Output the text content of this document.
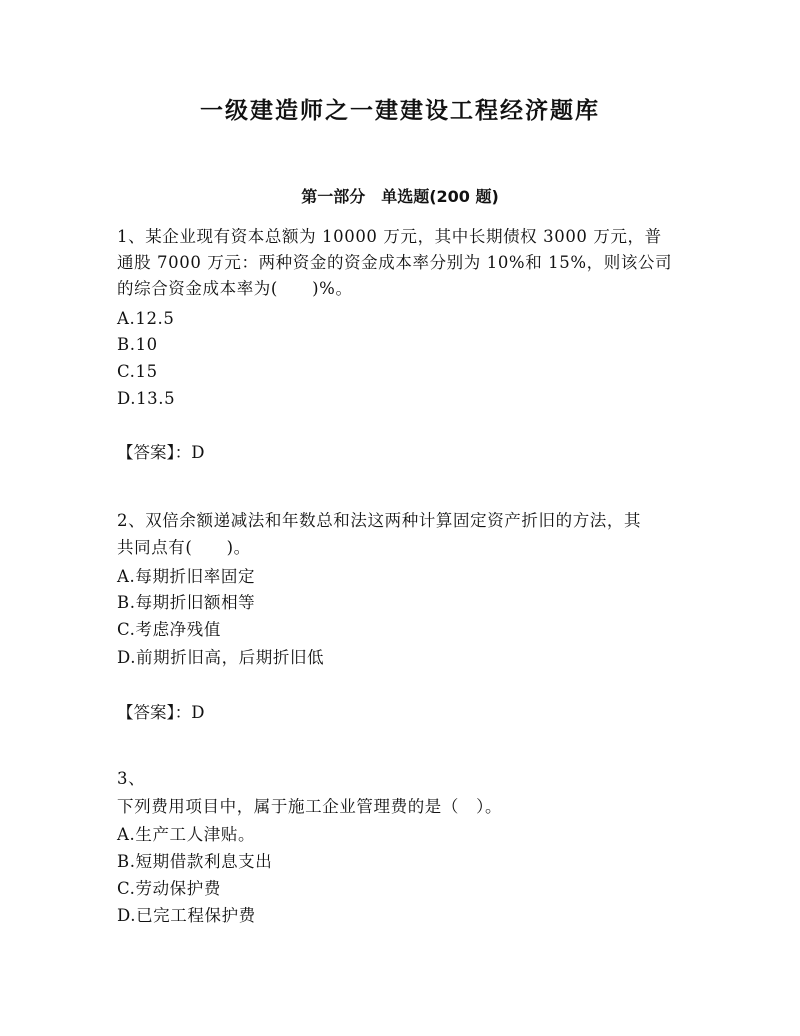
一级建造师之一建建设工程经济题库
第一部分　单选题(200 题)
1、某企业现有资本总额为 10000 万元，其中长期债权 3000 万元，普
通股 7000 万元：两种资金的资金成本率分别为 10%和 15%，则该公司
的综合资金成本率为(　　)%。
A.12.5
B.10
C.15
D.13.5
【答案】：D
2、双倍余额递减法和年数总和法这两种计算固定资产折旧的方法，其
共同点有(　　)。
A.每期折旧率固定
B.每期折旧额相等
C.考虑净残值
D.前期折旧高，后期折旧低
【答案】：D
3、
下列费用项目中，属于施工企业管理费的是（　）。
A.生产工人津贴。
B.短期借款利息支出
C.劳动保护费
D.已完工程保护费
